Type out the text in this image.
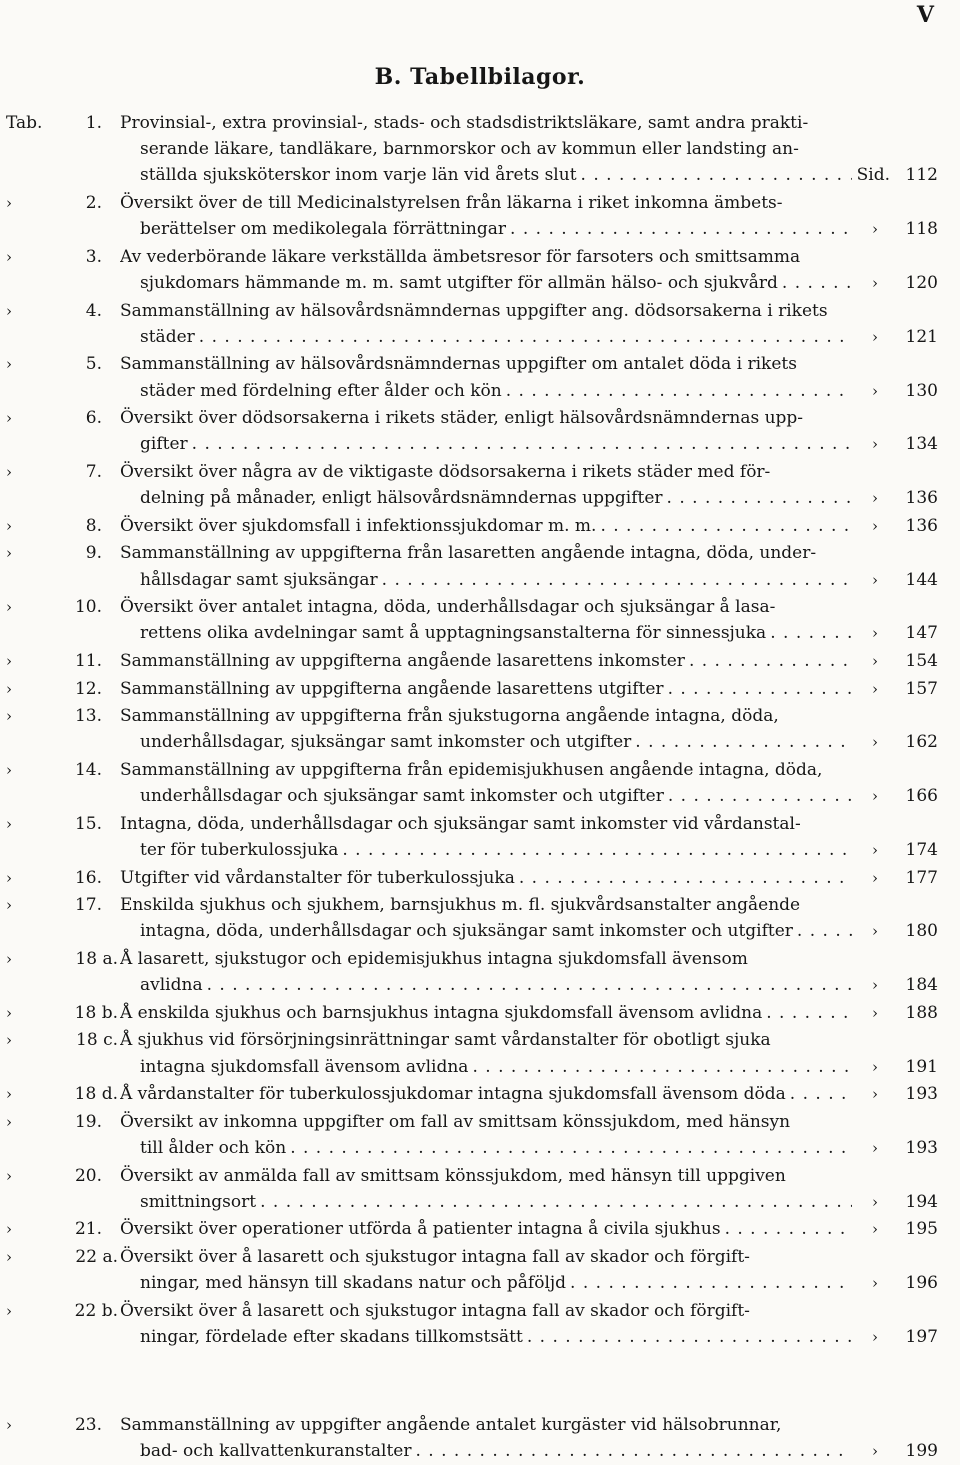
V
B. Tabellbilagor.
Tab.	1. Provinsial-, extra provinsial-, stads- och stadsdistriktsläkare, samt andra prakti-
serande läkare, tandläkare, barnmorskor och av kommun eller landsting an-
ställda sjuksköterskor inom varje län vid årets slut . . .	Sid. 112
›	2. Översikt över de till Medicinalstyrelsen från läkarna i riket inkomna ämbets-
berättelser om medikolegala förrättningar . . .	›	118
›	3. Av vederbörande läkare verkställda ämbetsresor för farsoters och smittsamma
sjukdomars hämmande m. m. samt utgifter för allmän hälso- och sjukvård . . .	›	120
›	4. Sammanställning av hälsovårdsnämndernas uppgifter ang. dödsorsakerna i rikets
städer . . .	›	121
›	5. Sammanställning av hälsovårdsnämndernas uppgifter om antalet döda i rikets
städer med fördelning efter ålder och kön . . .	›	130
›	6. Översikt över dödsorsakerna i rikets städer, enligt hälsovårdsnämndernas upp-
gifter . . .	›	134
›	7. Översikt över några av de viktigaste dödsorsakerna i rikets städer med för-
delning på månader, enligt hälsovårdsnämndernas uppgifter . . .	›	136
›	8. Översikt över sjukdomsfall i infektionssjukdomar m. m. . . .	›	136
›	9. Sammanställning av uppgifterna från lasaretten angående intagna, döda, under-
hållsdagar samt sjuksängar . . .	›	144
›	10. Översikt över antalet intagna, döda, underhållsdagar och sjuksängar å lasa-
rettens olika avdelningar samt å upptagningsanstalterna för sinnessjuka . . .	›	147
›	11. Sammanställning av uppgifterna angående lasarettens inkomster . . .	›	154
›	12. Sammanställning av uppgifterna angående lasarettens utgifter . . .	›	157
›	13. Sammanställning av uppgifterna från sjukstugorna angående intagna, döda,
underhållsdagar, sjuksängar samt inkomster och utgifter . . .	›	162
›	14. Sammanställning av uppgifterna från epidemisjukhusen angående intagna, döda,
underhållsdagar och sjuksängar samt inkomster och utgifter . . .	›	166
›	15. Intagna, döda, underhållsdagar och sjuksängar samt inkomster vid vårdanstal-
ter för tuberkulossjuka . . .	›	174
›	16. Utgifter vid vårdanstalter för tuberkulossjuka . . .	›	177
›	17. Enskilda sjukhus och sjukhem, barnsjukhus m. fl. sjukvårdsanstalter angående
intagna, döda, underhållsdagar och sjuksängar samt inkomster och utgifter . . .	›	180
›	18 a. Å lasarett, sjukstugor och epidemisjukhus intagna sjukdomsfall ävensom
avlidna . . .	›	184
›	18 b. Å enskilda sjukhus och barnsjukhus intagna sjukdomsfall ävensom avlidna . . .	›	188
›	18 c. Å sjukhus vid försörjningsinrättningar samt vårdanstalter för obotligt sjuka
intagna sjukdomsfall ävensom avlidna . . .	›	191
›	18 d. Å vårdanstalter för tuberkulossjukdomar intagna sjukdomsfall ävensom döda . . .	›	193
›	19. Översikt av inkomna uppgifter om fall av smittsam könssjukdom, med hänsyn
till ålder och kön . . .	›	193
›	20. Översikt av anmälda fall av smittsam könssjukdom, med hänsyn till uppgiven
smittningsort . . .	›	194
›	21. Översikt över operationer utförda å patienter intagna å civila sjukhus . . .	›	195
›	22 a. Översikt över å lasarett och sjukstugor intagna fall av skador och förgift-
ningar, med hänsyn till skadans natur och påföljd . . .	›	196
›	22 b. Översikt över å lasarett och sjukstugor intagna fall av skador och förgift-
ningar, fördelade efter skadans tillkomstsätt . . .	›	197
›	23. Sammanställning av uppgifter angående antalet kurgäster vid hälsobrunnar,
bad- och kallvattenkuranstalter . . .	›	199
